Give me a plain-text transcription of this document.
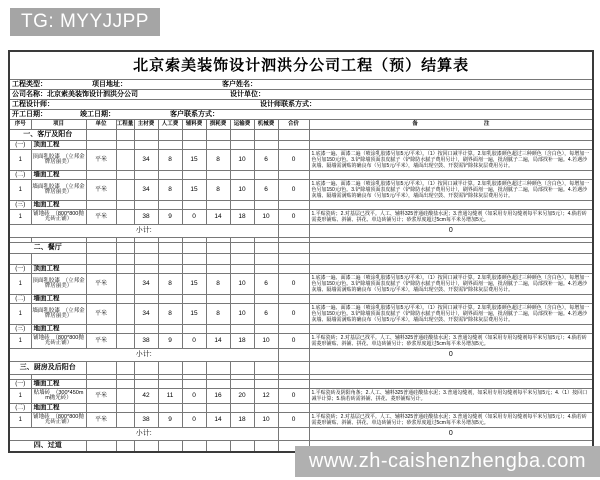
TG: MYYJJPP
北京索美装饰设计泗洪分公司工程（预）结算表											

工程类型： 项目地址： 客户姓名：											

公司名称：北京索美装饰设计泗洪分公司 设计单位：											

工程设计师： 设计师联系方式：											

开工日期： 竣工日期： 客户联系方式：											

序号	项目	单位	工程量	主材费	人工费	辅料费	损耗费	运输费	机械费	合价	备　　　　　　　　　　　　注
一、客厅及阳台											
(一)	顶面工程										
1	顶面乳胶漆　（立邦金牌居丽美）	平米		34	8	15	8	10	6	0	1.底漆一遍、面漆二遍（喷涂乳胶漆另加5元/平米）。（1）按回口减半计算。2.如乳胶漆颜色超过三种颜色（含白色），每增加一色另加150元/色。3.铲除墙顶面表皮腻子（铲除防水腻子费用另计），刷界面剂一遍，批刮腻子二遍，局部找补一遍。4.若遇沙灰墙、隔墙需满贴的确良布（另加5元/平米），墙面出现空鼓、开裂需铲除抹灰层费用另计。
(二)	墙面工程										
1	墙面乳胶漆　（立邦金牌居丽美）	平米		34	8	15	8	10	6	0	1.底漆一遍、面漆二遍（喷涂乳胶漆另加5元/平米）。（1）按回口减半计算。2.如乳胶漆颜色超过三种颜色（含白色），每增加一色另加150元/色。3.铲除墙顶面表皮腻子（铲除防水腻子费用另计），刷界面剂一遍，批刮腻子二遍，局部找补一遍。4.若遇沙灰墙、隔墙需满贴的确良布（另加5元/平米），墙面出现空鼓、开裂需铲除抹灰层费用另计。
(三)	地面工程										
1	铺地砖　（800*800抛光砖正铺）	平米		38	9	0	14	18	10	0	1.平贴瓷砖；2.对基层已找平。人工、辅料325普通硅酸盐水泥；3.普通勾缝剂（如采用专用勾缝剂每平米另加5元）；4.倘若砖需菱形铺贴、斜铺、拼花、单边砖铺另计；砂浆厚度超过5cm每平米另增加5元。
小计:											0

二、餐厅											

(一)	顶面工程										
1	顶面乳胶漆　（立邦金牌居丽美）	平米		34	8	15	8	10	6	0	1.底漆一遍、面漆二遍（喷涂乳胶漆另加5元/平米）。（1）按回口减半计算。2.如乳胶漆颜色超过三种颜色（含白色），每增加一色另加150元/色。3.铲除墙顶面表皮腻子（铲除防水腻子费用另计），刷界面剂一遍，批刮腻子二遍，局部找补一遍。4.若遇沙灰墙、隔墙需满贴的确良布（另加5元/平米），墙面出现空鼓、开裂需铲除抹灰层费用另计。
(二)	墙面工程										
1	墙面乳胶漆　（立邦金牌居丽美）	平米		34	8	15	8	10	6	0	1.底漆一遍、面漆二遍（喷涂乳胶漆另加5元/平米）。（1）按回口减半计算。2.如乳胶漆颜色超过三种颜色（含白色），每增加一色另加150元/色。3.铲除墙顶面表皮腻子（铲除防水腻子费用另计），刷界面剂一遍，批刮腻子二遍，局部找补一遍。4.若遇沙灰墙、隔墙需满贴的确良布（另加5元/平米），墙面出现空鼓、开裂需铲除抹灰层费用另计。
(三)	地面工程										
1	铺地砖　（800*800抛光砖正铺）	平米		38	9	0	14	18	10	0	1.平贴瓷砖；2.对基层已找平。人工、辅料325普通硅酸盐水泥；3.普通勾缝剂（如采用专用勾缝剂每平米另加5元）；4.倘若砖需菱形铺贴、斜铺、拼花、单边砖铺另计；砂浆厚度超过5cm每平米另增加5元。
小计:											0
三、厨房及后阳台											

(一)	墙面工程										
1	贴墙砖　（300*450mm抛光砖）	平米		42	11	0	16	20	12	0	1.平贴瓷砖及阴阳角条；2.人工、辅料325普通硅酸盐水泥；3.普通勾缝剂，如采用专用勾缝剂每平米另加5元；4.（1）按回口减半计算；5.倘若砖需斜铺、拼花、菱形铺贴另计。
(二)	地面工程										
1	铺地砖　（800*800抛光砖正铺）	平米		38	9	0	14	18	10	0	1.平贴瓷砖；2.对基层已找平。人工、辅料325普通硅酸盐水泥；3.普通勾缝剂（如采用专用勾缝剂每平米另加5元）；4.倘若砖需菱形铺贴、斜铺、拼花、单边砖铺另计；砂浆厚度超过5cm每平米另增加5元。
小计:											0
四、过道											
www.zh-caishenzhengba.com
